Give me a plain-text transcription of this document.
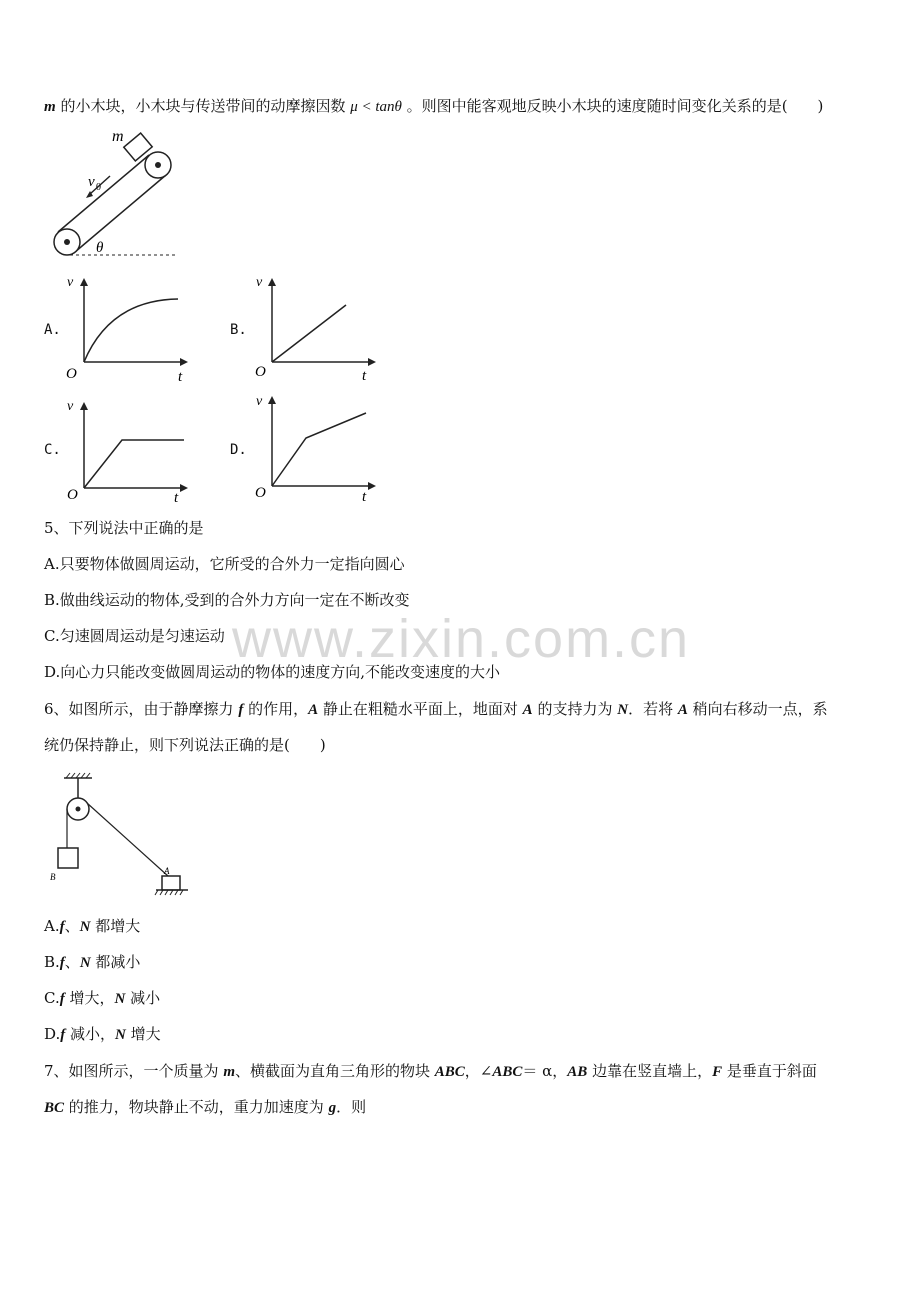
m 的小木块，小木块与传送带间的动摩擦因数 μ < tanθ 。则图中能客观地反映小木块的速度随时间变化关系的是(　　)
m
v 0
θ
A.
v
O	t
B.
v
O	t
C.
v
O	t
D.
v
O	t
5、下列说法中正确的是
A.只要物体做圆周运动，它所受的合外力一定指向圆心
B.做曲线运动的物体,受到的合外力方向一定在不断改变
C.匀速圆周运动是匀速运动
D.向心力只能改变做圆周运动的物体的速度方向,不能改变速度的大小
www.zixin.com.cn
6、如图所示，由于静摩擦力 f 的作用，A 静止在粗糙水平面上，地面对 A 的支持力为 N．若将 A 稍向右移动一点，系
统仍保持静止，则下列说法正确的是(　　)
B
A
A.f、N 都增大
B.f、N 都减小
C.f 增大，N 减小
D.f 减小，N 增大
7、如图所示，一个质量为 m、横截面为直角三角形的物块 ABC，∠ABC＝ α，AB 边靠在竖直墙上，F 是垂直于斜面
BC 的推力，物块静止不动，重力加速度为 g．则
